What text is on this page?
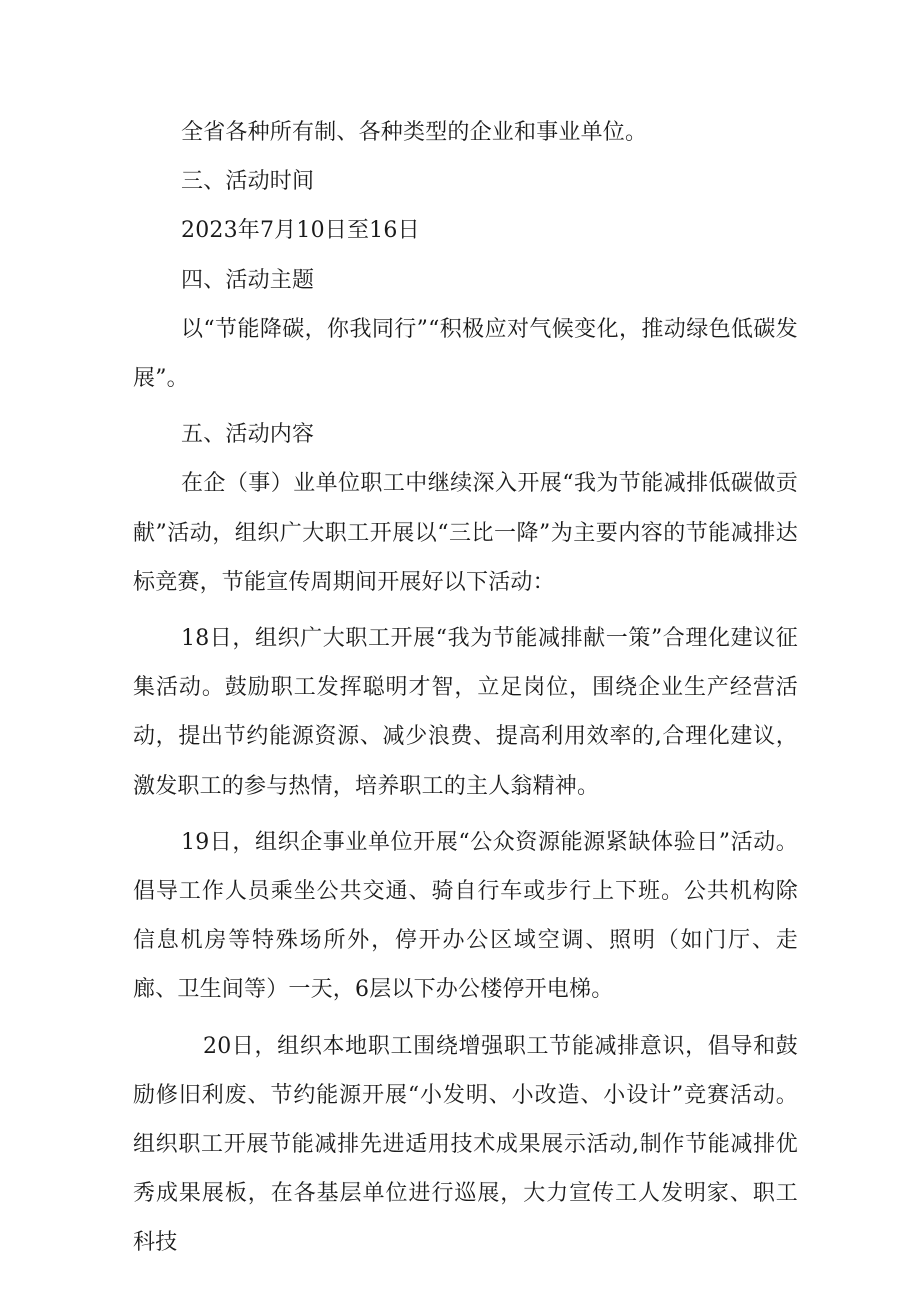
全省各种所有制、各种类型的企业和事业单位。

三、活动时间

2023年7月10日至16日

四、活动主题

以“节能降碳，你我同行”“积极应对气候变化，推动绿色低碳发展”。

五、活动内容

在企（事）业单位职工中继续深入开展“我为节能减排低碳做贡献”活动，组织广大职工开展以“三比一降”为主要内容的节能减排达标竞赛，节能宣传周期间开展好以下活动：

18日，组织广大职工开展“我为节能减排献一策”合理化建议征集活动。鼓励职工发挥聪明才智，立足岗位，围绕企业生产经营活动，提出节约能源资源、减少浪费、提高利用效率的,合理化建议，激发职工的参与热情，培养职工的主人翁精神。

19日，组织企事业单位开展“公众资源能源紧缺体验日”活动。倡导工作人员乘坐公共交通、骑自行车或步行上下班。公共机构除信息机房等特殊场所外，停开办公区域空调、照明（如门厅、走廊、卫生间等）一天，6层以下办公楼停开电梯。

20日，组织本地职工围绕增强职工节能减排意识，倡导和鼓励修旧利废、节约能源开展“小发明、小改造、小设计”竞赛活动。组织职工开展节能减排先进适用技术成果展示活动,制作节能减排优秀成果展板，在各基层单位进行巡展，大力宣传工人发明家、职工科技
